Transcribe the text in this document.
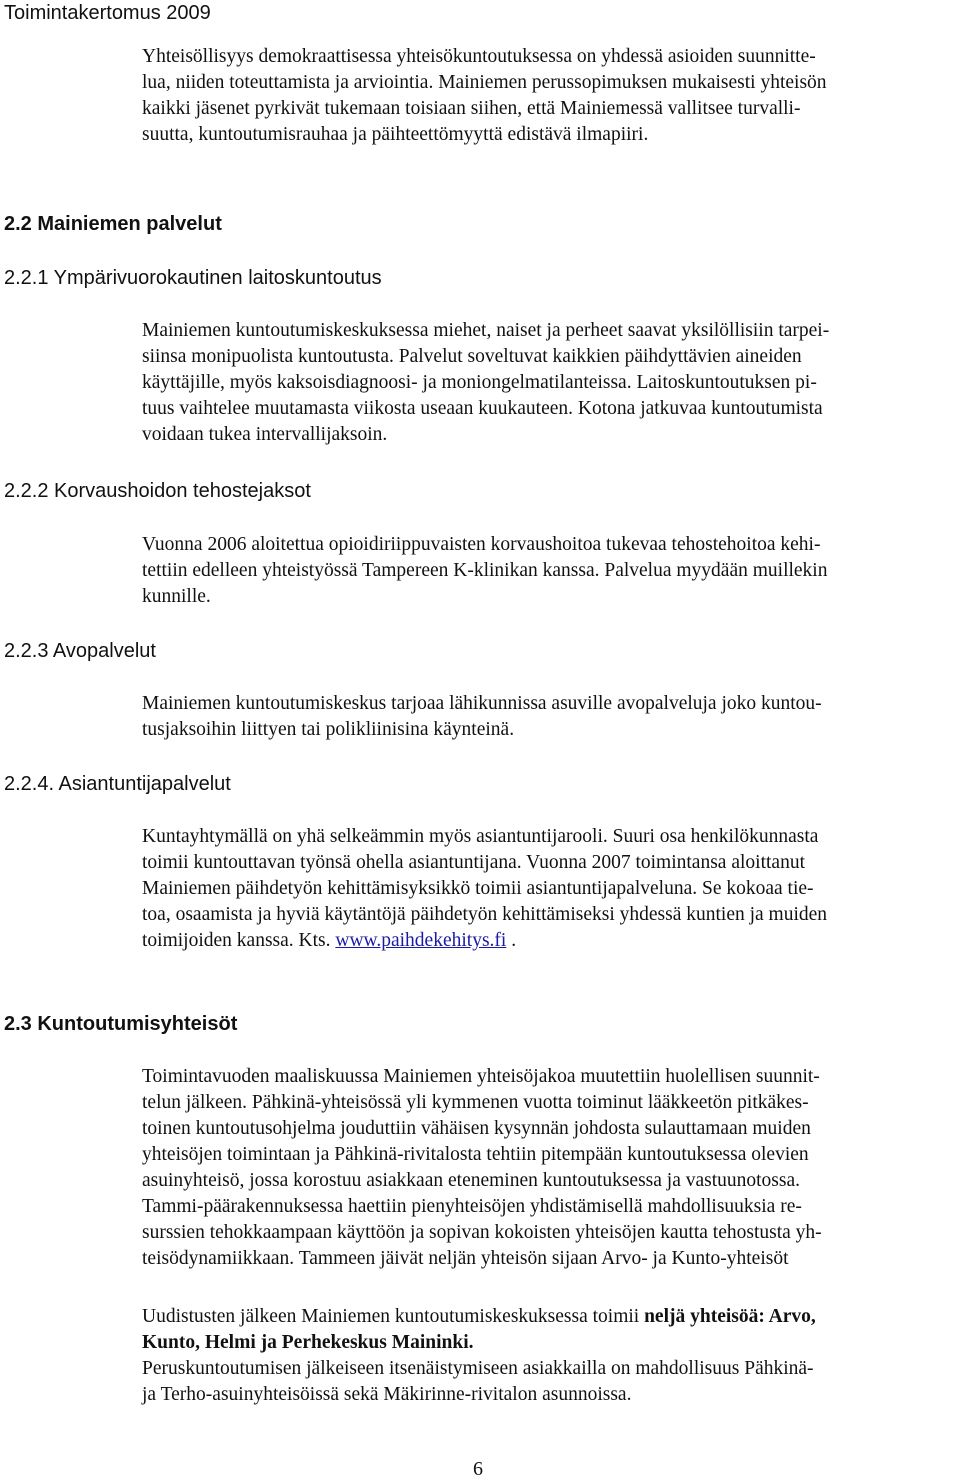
Toimintakertomus 2009
Yhteisöllisyys demokraattisessa yhteisökuntoutuksessa on yhdessä asioiden suunnitte-
lua, niiden toteuttamista ja arviointia. Mainiemen perussopimuksen mukaisesti yhteisön
kaikki jäsenet pyrkivät tukemaan toisiaan siihen, että Mainiemessä vallitsee turvalli-
suutta, kuntoutumisrauhaa ja päihteettömyyttä edistävä ilmapiiri.
2.2 Mainiemen palvelut
2.2.1 Ympärivuorokautinen laitoskuntoutus
Mainiemen kuntoutumiskeskuksessa miehet, naiset ja perheet saavat yksilöllisiin tarpei-
siinsa monipuolista kuntoutusta. Palvelut soveltuvat kaikkien päihdyttävien aineiden
käyttäjille, myös kaksoisdiagnoosi- ja moniongelmatilanteissa. Laitoskuntoutuksen pi-
tuus vaihtelee muutamasta viikosta useaan kuukauteen. Kotona jatkuvaa kuntoutumista
voidaan tukea intervallijaksoin.
2.2.2 Korvaushoidon tehostejaksot
Vuonna 2006 aloitettua opioidiriippuvaisten korvaushoitoa tukevaa tehostehoitoa kehi-
tettiin edelleen yhteistyössä Tampereen K-klinikan kanssa. Palvelua myydään muillekin
kunnille.
2.2.3 Avopalvelut
Mainiemen kuntoutumiskeskus tarjoaa lähikunnissa asuville avopalveluja joko kuntou-
tusjaksoihin liittyen tai polikliinisina käynteinä.
2.2.4. Asiantuntijapalvelut
Kuntayhtymällä on yhä selkeämmin myös asiantuntijarooli. Suuri osa henkilökunnasta
toimii kuntouttavan työnsä ohella asiantuntijana. Vuonna 2007 toimintansa aloittanut
Mainiemen päihdetyön kehittämisyksikkö toimii asiantuntijapalveluna. Se kokoaa tie-
toa, osaamista ja hyviä käytäntöjä päihdetyön kehittämiseksi yhdessä kuntien ja muiden
toimijoiden kanssa. Kts. www.paihdekehitys.fi .
2.3 Kuntoutumisyhteisöt
Toimintavuoden maaliskuussa Mainiemen yhteisöjakoa muutettiin huolellisen suunnit-
telun jälkeen. Pähkinä-yhteisössä yli kymmenen vuotta toiminut lääkkeetön pitkäkes-
toinen kuntoutusohjelma jouduttiin vähäisen kysynnän johdosta sulauttamaan muiden
yhteisöjen toimintaan ja Pähkinä-rivitalosta tehtiin pitempään kuntoutuksessa olevien
asuinyhteisö, jossa korostuu asiakkaan eteneminen kuntoutuksessa ja vastuunotossa.
Tammi-päärakennuksessa haettiin pienyhteisöjen yhdistämisellä mahdollisuuksia re-
surssien tehokkaampaan käyttöön ja sopivan kokoisten yhteisöjen kautta tehostusta yh-
teisödynamiikkaan. Tammeen jäivät neljän yhteisön sijaan Arvo- ja Kunto-yhteisöt
Uudistusten jälkeen Mainiemen kuntoutumiskeskuksessa toimii neljä yhteisöä: Arvo,
Kunto, Helmi ja Perhekeskus Maininki.
Peruskuntoutumisen jälkeiseen itsenäistymiseen asiakkailla on mahdollisuus Pähkinä-
ja Terho-asuinyhteisöissä sekä Mäkirinne-rivitalon asunnoissa.
6
